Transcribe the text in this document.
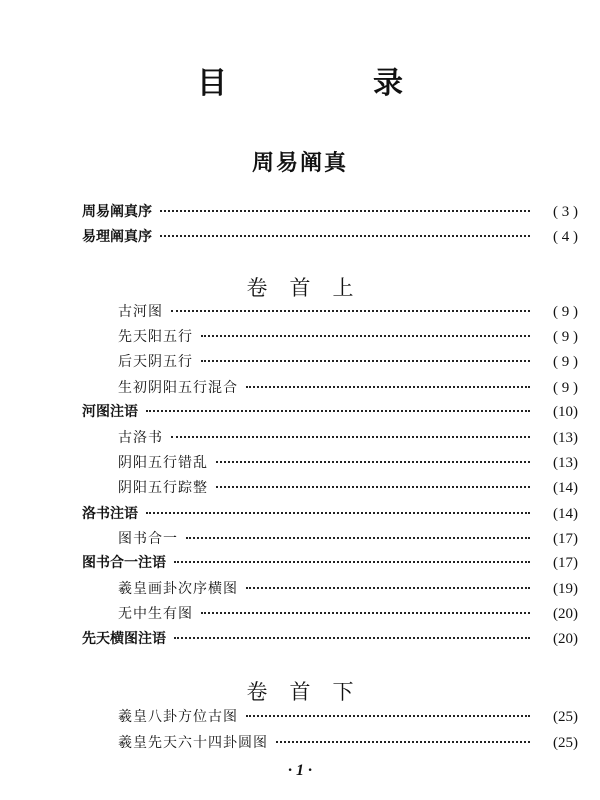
目　录
周易阐真
周易阐真序	( 3 )
易理阐真序	( 4 )
卷首上
古河图	( 9 )
先天阳五行	( 9 )
后天阴五行	( 9 )
生初阴阳五行混合	( 9 )
河图注语	(10)
古洛书	(13)
阴阳五行错乱	(13)
阴阳五行踪整	(14)
洛书注语	(14)
图书合一	(17)
图书合一注语	(17)
羲皇画卦次序横图	(19)
无中生有图	(20)
先天横图注语	(20)
卷首下
羲皇八卦方位古图	(25)
羲皇先天六十四卦圆图	(25)
· 1 ·
